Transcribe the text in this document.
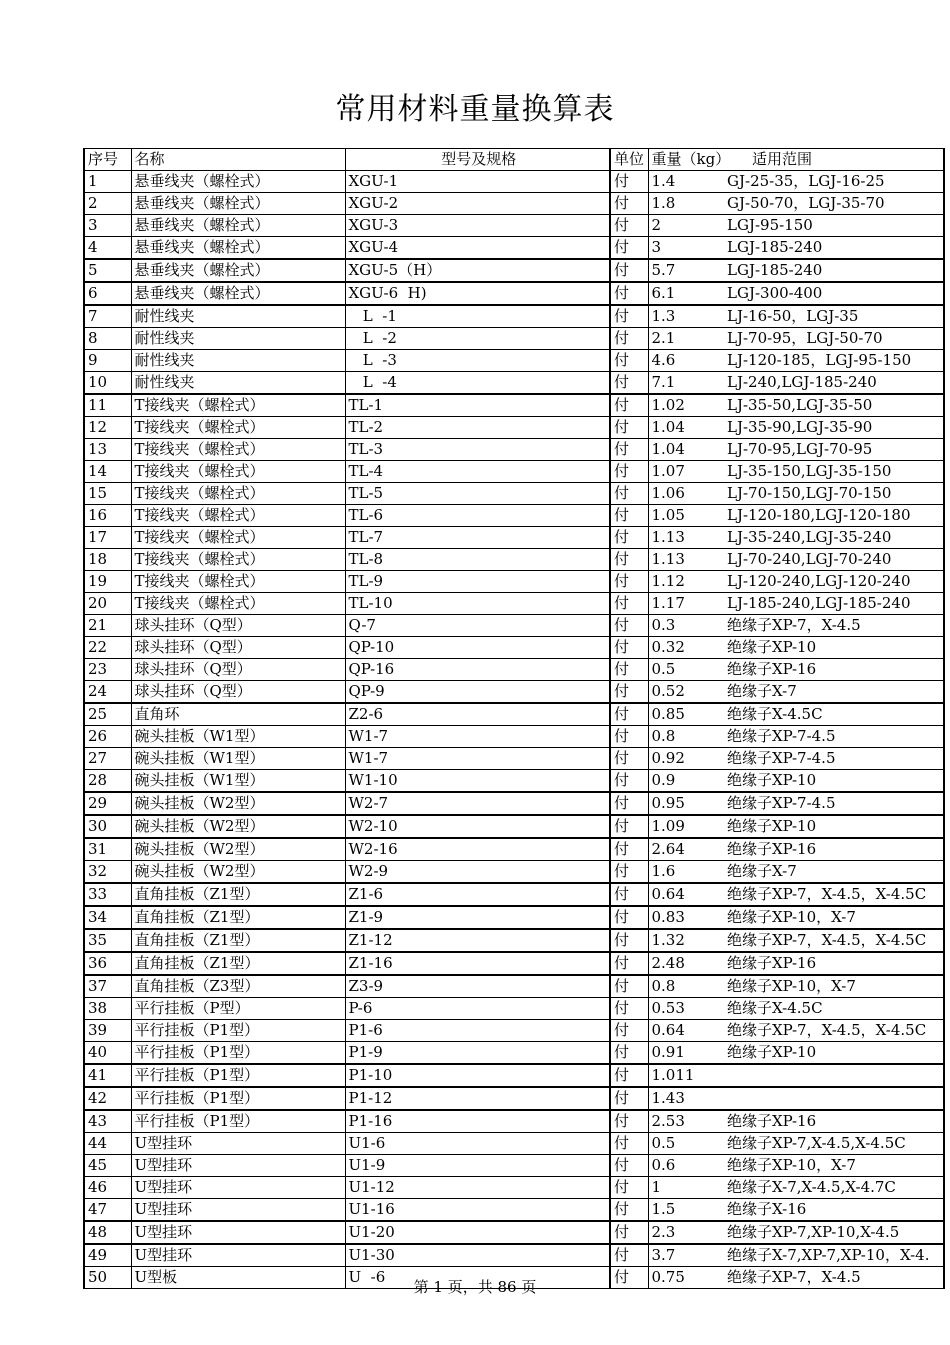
常用材料重量换算表
序号	名称	型号及规格	单位	重量（kg）	适用范围
1	悬垂线夹（螺栓式）	XGU-1	付	1.4	GJ-25-35，LGJ-16-25
2	悬垂线夹（螺栓式）	XGU-2	付	1.8	GJ-50-70，LGJ-35-70
3	悬垂线夹（螺栓式）	XGU-3	付	2	LGJ-95-150
4	悬垂线夹（螺栓式）	XGU-4	付	3	LGJ-185-240
5	悬垂线夹（螺栓式）	XGU-5（H）	付	5.7	LGJ-185-240
6	悬垂线夹（螺栓式）	XGU-6  H)	付	6.1	LGJ-300-400
7	耐性线夹	L  -1	付	1.3	LJ-16-50，LGJ-35
8	耐性线夹	L  -2	付	2.1	LJ-70-95，LGJ-50-70
9	耐性线夹	L  -3	付	4.6	LJ-120-185，LGJ-95-150
10	耐性线夹	L  -4	付	7.1	LJ-240,LGJ-185-240
11	T接线夹（螺栓式）	TL-1	付	1.02	LJ-35-50,LGJ-35-50
12	T接线夹（螺栓式）	TL-2	付	1.04	LJ-35-90,LGJ-35-90
13	T接线夹（螺栓式）	TL-3	付	1.04	LJ-70-95,LGJ-70-95
14	T接线夹（螺栓式）	TL-4	付	1.07	LJ-35-150,LGJ-35-150
15	T接线夹（螺栓式）	TL-5	付	1.06	LJ-70-150,LGJ-70-150
16	T接线夹（螺栓式）	TL-6	付	1.05	LJ-120-180,LGJ-120-180
17	T接线夹（螺栓式）	TL-7	付	1.13	LJ-35-240,LGJ-35-240
18	T接线夹（螺栓式）	TL-8	付	1.13	LJ-70-240,LGJ-70-240
19	T接线夹（螺栓式）	TL-9	付	1.12	LJ-120-240,LGJ-120-240
20	T接线夹（螺栓式）	TL-10	付	1.17	LJ-185-240,LGJ-185-240
21	球头挂环（Q型）	Q-7	付	0.3	绝缘子XP-7，X-4.5
22	球头挂环（Q型）	QP-10	付	0.32	绝缘子XP-10
23	球头挂环（Q型）	QP-16	付	0.5	绝缘子XP-16
24	球头挂环（Q型）	QP-9	付	0.52	绝缘子X-7
25	直角环	Z2-6	付	0.85	绝缘子X-4.5C
26	碗头挂板（W1型）	W1-7	付	0.8	绝缘子XP-7-4.5
27	碗头挂板（W1型）	W1-7	付	0.92	绝缘子XP-7-4.5
28	碗头挂板（W1型）	W1-10	付	0.9	绝缘子XP-10
29	碗头挂板（W2型）	W2-7	付	0.95	绝缘子XP-7-4.5
30	碗头挂板（W2型）	W2-10	付	1.09	绝缘子XP-10
31	碗头挂板（W2型）	W2-16	付	2.64	绝缘子XP-16
32	碗头挂板（W2型）	W2-9	付	1.6	绝缘子X-7
33	直角挂板（Z1型）	Z1-6	付	0.64	绝缘子XP-7，X-4.5，X-4.5C
34	直角挂板（Z1型）	Z1-9	付	0.83	绝缘子XP-10，X-7
35	直角挂板（Z1型）	Z1-12	付	1.32	绝缘子XP-7，X-4.5，X-4.5C
36	直角挂板（Z1型）	Z1-16	付	2.48	绝缘子XP-16
37	直角挂板（Z3型）	Z3-9	付	0.8	绝缘子XP-10，X-7
38	平行挂板（P型）	P-6	付	0.53	绝缘子X-4.5C
39	平行挂板（P1型）	P1-6	付	0.64	绝缘子XP-7，X-4.5，X-4.5C
40	平行挂板（P1型）	P1-9	付	0.91	绝缘子XP-10
41	平行挂板（P1型）	P1-10	付	1.011	
42	平行挂板（P1型）	P1-12	付	1.43	
43	平行挂板（P1型）	P1-16	付	2.53	绝缘子XP-16
44	U型挂环	U1-6	付	0.5	绝缘子XP-7,X-4.5,X-4.5C
45	U型挂环	U1-9	付	0.6	绝缘子XP-10，X-7
46	U型挂环	U1-12	付	1	绝缘子X-7,X-4.5,X-4.7C
47	U型挂环	U1-16	付	1.5	绝缘子X-16
48	U型挂环	U1-20	付	2.3	绝缘子XP-7,XP-10,X-4.5
49	U型挂环	U1-30	付	3.7	绝缘子X-7,XP-7,XP-10，X-4.
50	U型板	U  -6	付	0.75	绝缘子XP-7，X-4.5
第 1 页，共 86 页
